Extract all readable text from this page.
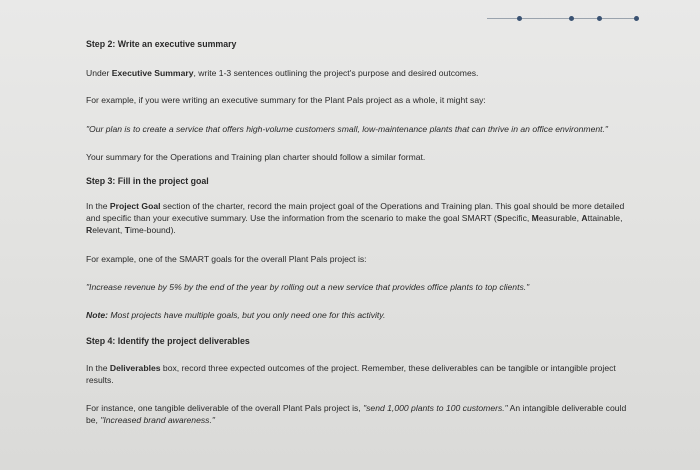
Step 2: Write an executive summary

Under Executive Summary, write 1-3 sentences outlining the project's purpose and desired outcomes.

For example, if you were writing an executive summary for the Plant Pals project as a whole, it might say:

"Our plan is to create a service that offers high-volume customers small, low-maintenance plants that can thrive in an office environment."

Your summary for the Operations and Training plan charter should follow a similar format.

Step 3: Fill in the project goal

In the Project Goal section of the charter, record the main project goal of the Operations and Training plan. This goal should be more detailed and specific than your executive summary. Use the information from the scenario to make the goal SMART (Specific, Measurable, Attainable, Relevant, Time-bound).

For example, one of the SMART goals for the overall Plant Pals project is:

"Increase revenue by 5% by the end of the year by rolling out a new service that provides office plants to top clients."

Note: Most projects have multiple goals, but you only need one for this activity.

Step 4: Identify the project deliverables

In the Deliverables box, record three expected outcomes of the project. Remember, these deliverables can be tangible or intangible project results.

For instance, one tangible deliverable of the overall Plant Pals project is, "send 1,000 plants to 100 customers." An intangible deliverable could be, "Increased brand awareness."
